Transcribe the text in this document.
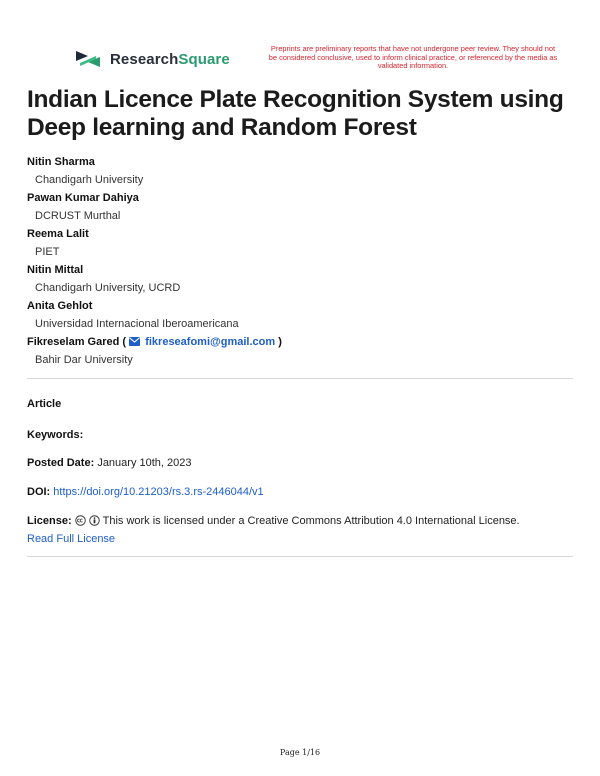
ResearchSquare
Preprints are preliminary reports that have not undergone peer review. They should not be considered conclusive, used to inform clinical practice, or referenced by the media as validated information.
Indian Licence Plate Recognition System using Deep learning and Random Forest
Nitin Sharma
Chandigarh University
Pawan Kumar Dahiya
DCRUST Murthal
Reema Lalit
PIET
Nitin Mittal
Chandigarh University, UCRD
Anita Gehlot
Universidad Internacional Iberoamericana
Fikreselam Gared ( fikreseafomi@gmail.com )
Bahir Dar University
Article
Keywords:
Posted Date: January 10th, 2023
DOI: https://doi.org/10.21203/rs.3.rs-2446044/v1
License:	This work is licensed under a Creative Commons Attribution 4.0 International License.
Read Full License
Page 1/16
